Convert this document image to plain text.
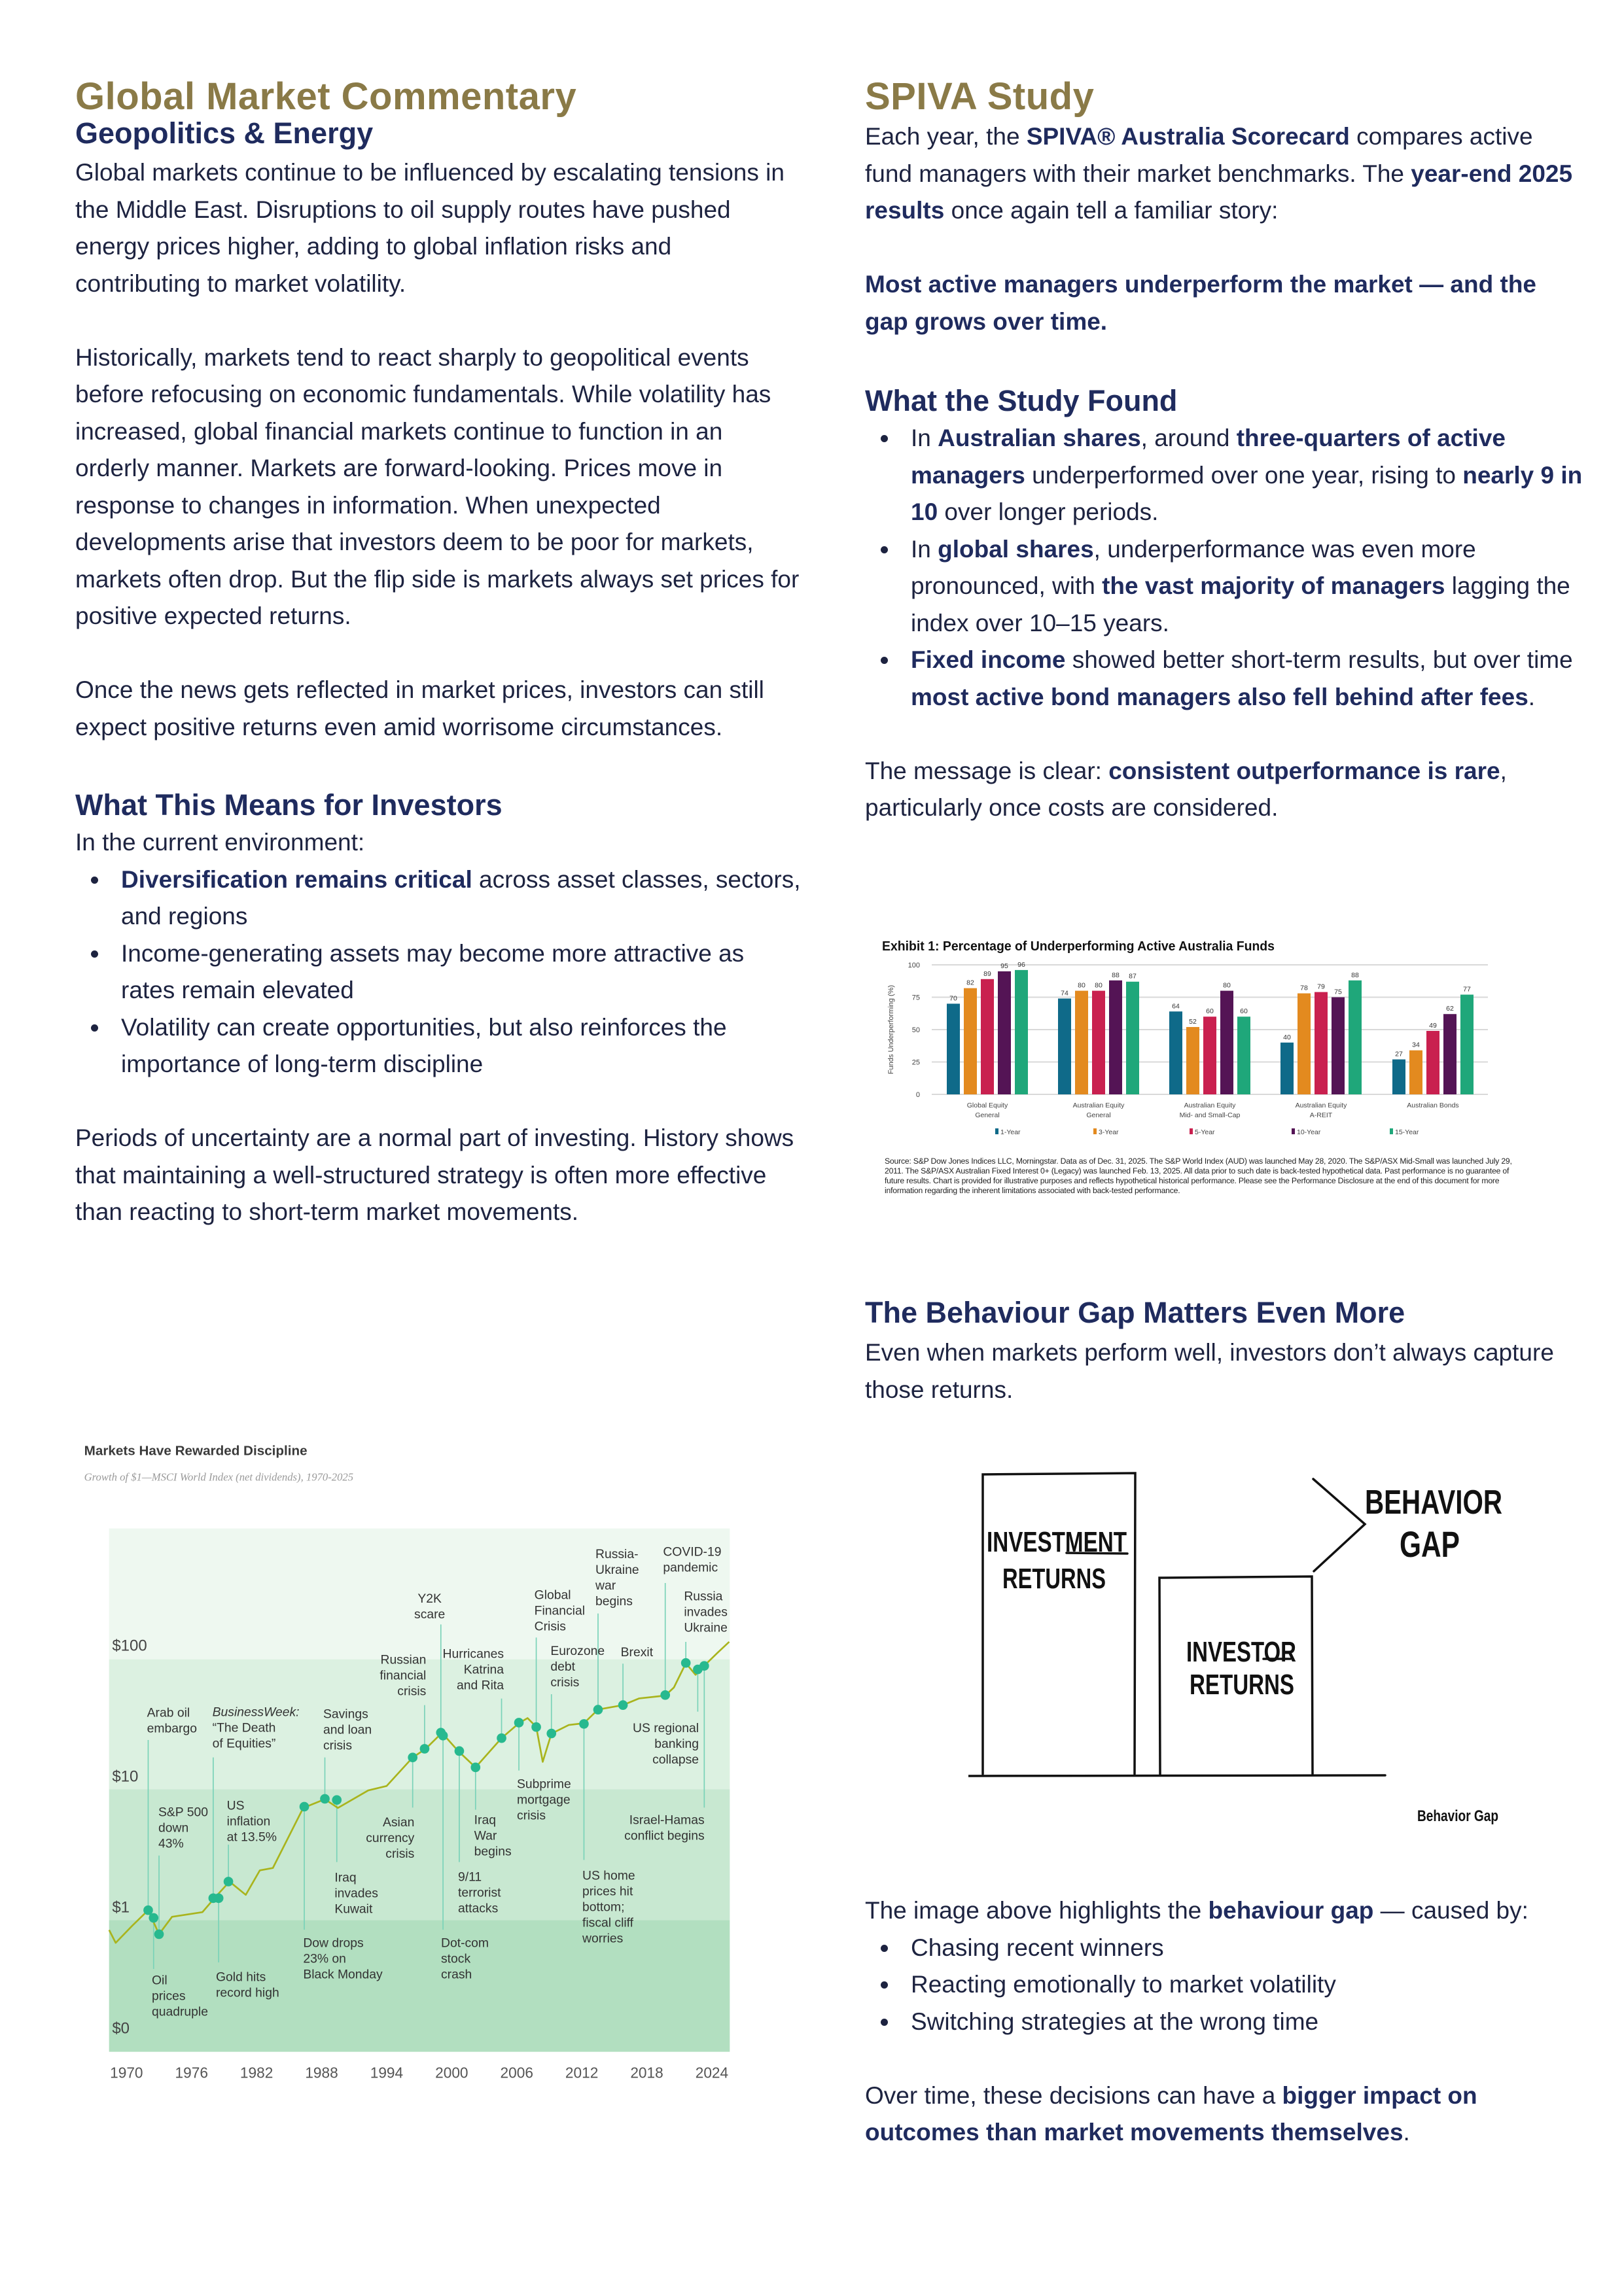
Global Market Commentary
Geopolitics & Energy

Global markets continue to be influenced by escalating tensions in the Middle East. Disruptions to oil supply routes have pushed energy prices higher, adding to global inflation risks and contributing to market volatility.

Historically, markets tend to react sharply to geopolitical events before refocusing on economic fundamentals. While volatility has increased, global financial markets continue to function in an orderly manner. Markets are forward-looking. Prices move in response to changes in information. When unexpected developments arise that investors deem to be poor for markets, markets often drop. But the flip side is markets always set prices for positive expected returns.

Once the news gets reflected in market prices, investors can still expect positive returns even amid worrisome circumstances.

What This Means for Investors

In the current environment:

Diversification remains critical across asset classes, sectors, and regions
Income-generating assets may become more attractive as rates remain elevated
Volatility can create opportunities, but also reinforces the importance of long-term discipline

Periods of uncertainty are a normal part of investing. History shows that maintaining a well-structured strategy is often more effective than reacting to short-term market movements.

Markets Have Rewarded Discipline
Growth of $1—MSCI World Index (net dividends), 1970-2025
$0
$1
$10
$100
1970 1976 1982 1988 1994 2000 2006 2012 2018 2024
Arab oil embargo
Oil prices quadruple
S&P 500 down 43%
BusinessWeek: “The Death of Equities”
Gold hits record high
US inflation at 13.5%
Dow drops 23% on Black Monday
Savings and loan crisis
Iraq invades Kuwait
Asian currency crisis
Russian financial crisis
Y2K scare
Dot-com stock crash
9/11 terrorist attacks
Iraq War begins
Hurricanes Katrina and Rita
Subprime mortgage crisis
Global Financial Crisis
Eurozone debt crisis
US home prices hit bottom; fiscal cliff worries
Russia-Ukraine war begins
Brexit
COVID-19 pandemic
Russia invades Ukraine
US regional banking collapse
Israel-Hamas conflict begins
SPIVA Study

Each year, the SPIVA® Australia Scorecard compares active fund managers with their market benchmarks. The year-end 2025 results once again tell a familiar story:

Most active managers underperform the market — and the gap grows over time.

What the Study Found
In Australian shares, around three-quarters of active managers underperformed over one year, rising to nearly 9 in 10 over longer periods.
In global shares, underperformance was even more pronounced, with the vast majority of managers lagging the index over 10–15 years.
Fixed income showed better short-term results, but over time most active bond managers also fell behind after fees.

The message is clear: consistent outperformance is rare, particularly once costs are considered.

Exhibit 1: Percentage of Underperforming Active Australia Funds
0
25
50
75
100
Funds Underperforming (%)	70
82
89
95 96
Global Equity
General
74
80 80
88 87
Australian Equity
General
64
52
60
80
60
Australian Equity
Mid- and Small-Cap
40
78 79
75
88
Australian Equity
A-REIT
27
34
49
62
77
Australian Bonds
1-Year	3-Year	5-Year	10-Year	15-Year
Source: S&P Dow Jones Indices LLC, Morningstar. Data as of Dec. 31, 2025. The S&P World Index (AUD) was launched May 28, 2020. The S&P/ASX Mid-Small was launched July 29, 2011. The S&P/ASX Australian Fixed Interest 0+ (Legacy) was launched Feb. 13, 2025. All data prior to such date is back-tested hypothetical data. Past performance is no guarantee of future results. Chart is provided for illustrative purposes and reflects hypothetical historical performance. Please see the Performance Disclosure at the end of this document for more information regarding the inherent limitations associated with back-tested performance.
The Behaviour Gap Matters Even More

Even when markets perform well, investors don’t always capture those returns.

INVESTMENT
RETURNS
INVESTOR
RETURNS
BEHAVIOR
GAP
Behavior Gap

The image above highlights the behaviour gap — caused by:

Chasing recent winners
Reacting emotionally to market volatility
Switching strategies at the wrong time

Over time, these decisions can have a bigger impact on outcomes than market movements themselves.
